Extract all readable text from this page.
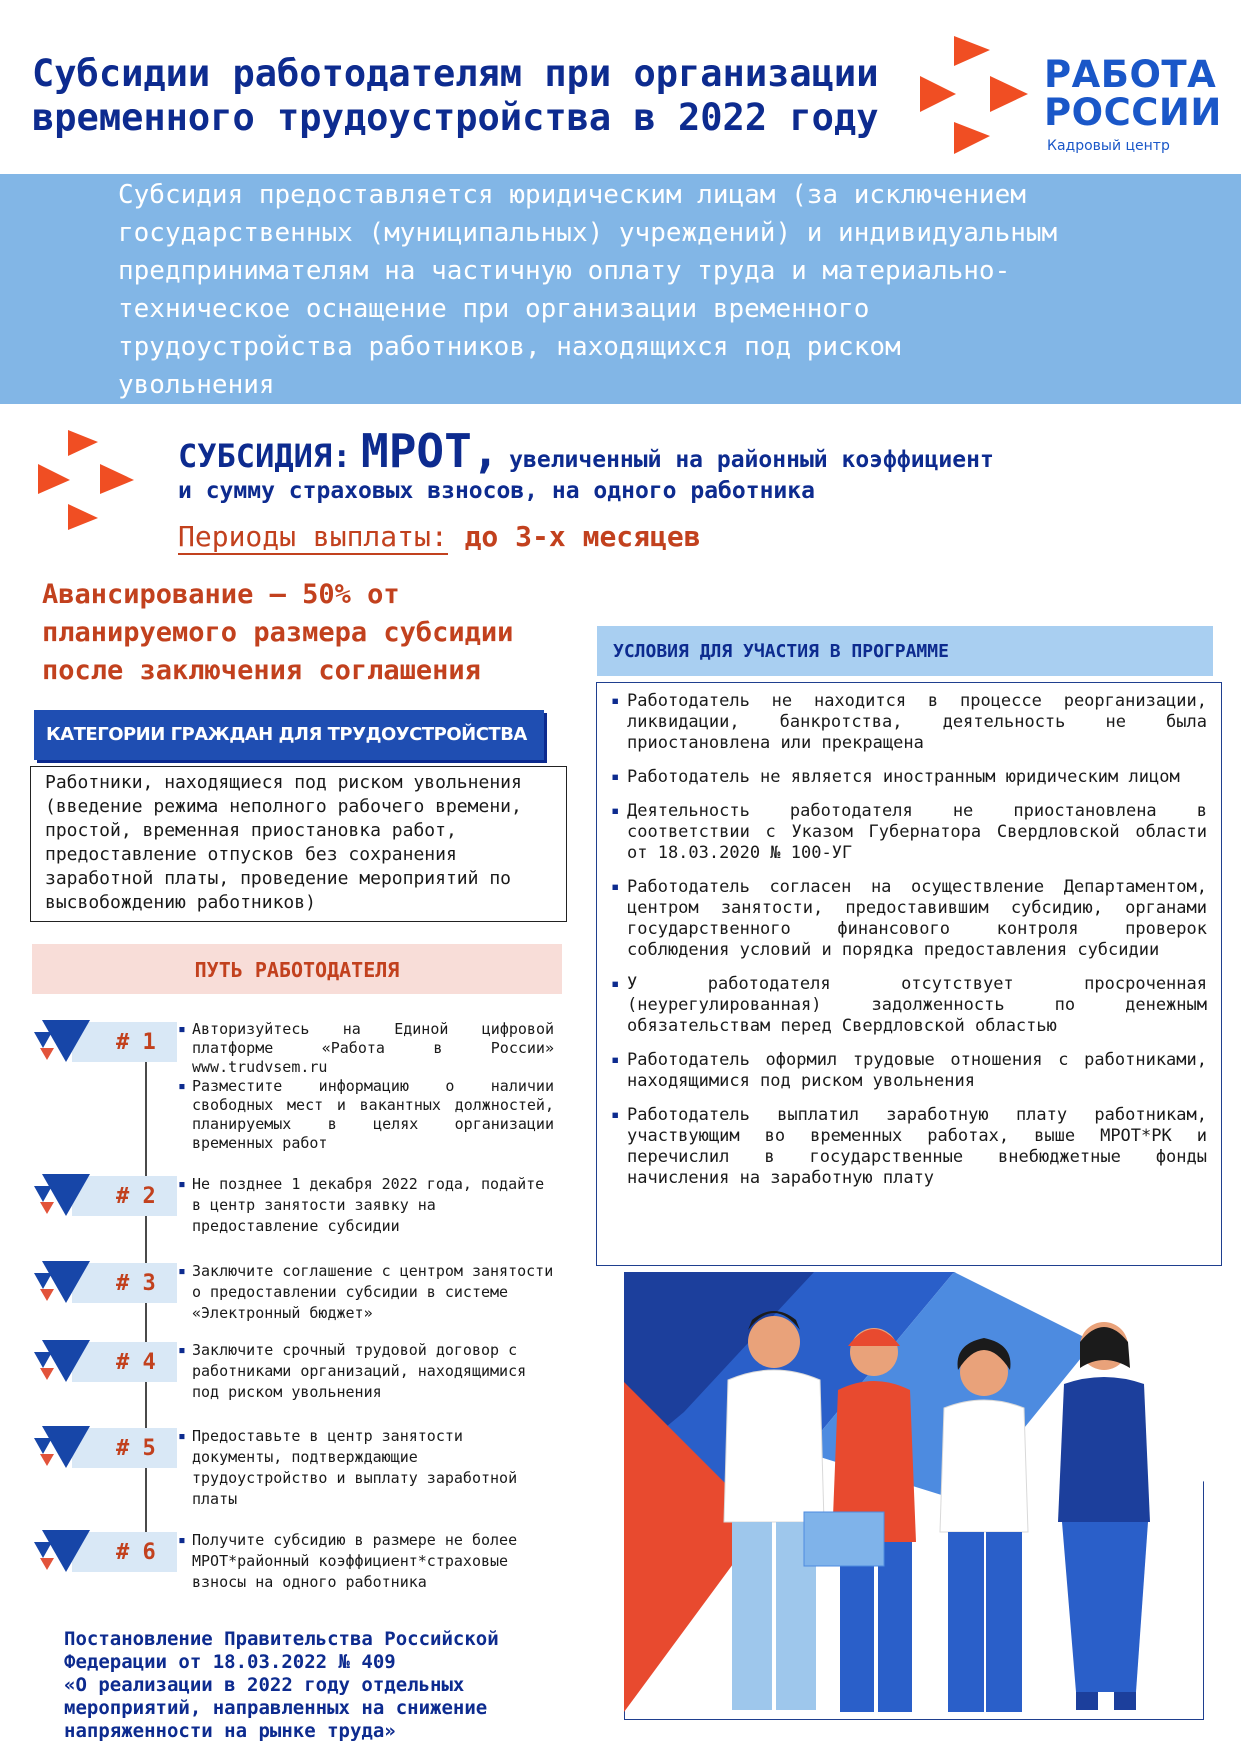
Субсидии работодателям при организации
временного трудоустройства в 2022 году
РАБОТА
РОССИИ
Кадровый центр
Субсидия предоставляется юридическим лицам (за исключением
государственных (муниципальных) учреждений) и индивидуальным
предпринимателям на частичную оплату труда и материально-
техническое оснащение при организации временного
трудоустройства работников, находящихся под риском
увольнения
СУБСИДИЯ: МРОТ, увеличенный на районный коэффициент
и сумму страховых взносов, на одного работника
Периоды выплаты: до 3-х месяцев
Авансирование – 50% от
планируемого размера субсидии
после заключения соглашения
КАТЕГОРИИ ГРАЖДАН ДЛЯ ТРУДОУСТРОЙСТВА
Работники, находящиеся под риском увольнения
(введение режима неполного рабочего времени,
простой, временная приостановка работ,
предоставление отпусков без сохранения
заработной платы, проведение мероприятий по
высвобождению работников)
ПУТЬ РАБОТОДАТЕЛЯ
# 1
▪ Авторизуйтесь на Единой цифровой платформе «Работа в России» www.trudvsem.ru
▪ Разместите информацию о наличии свободных мест и вакантных должностей, планируемых в целях организации временных работ
# 2	▪ Не позднее 1 декабря 2022 года, подайте в центр занятости заявку на предоставление субсидии
# 3	▪ Заключите соглашение с центром занятости о предоставлении субсидии в системе «Электронный бюджет»
# 4	▪ Заключите срочный трудовой договор с работниками организаций, находящимися под риском увольнения
# 5	▪ Предоставьте в центр занятости документы, подтверждающие трудоустройство и выплату заработной платы
# 6	▪ Получите субсидию в размере не более МРОТ*районный коэффициент*страховые взносы на одного работника
Постановление Правительства Российской
Федерации от 18.03.2022 № 409
«О реализации в 2022 году отдельных
мероприятий, направленных на снижение
напряженности на рынке труда»
УСЛОВИЯ ДЛЯ УЧАСТИЯ В ПРОГРАММЕ
▪ Работодатель не находится в процессе реорганизации, ликвидации, банкротства, деятельность не была приостановлена или прекращена
▪ Работодатель не является иностранным юридическим лицом
▪ Деятельность работодателя не приостановлена в соответствии с Указом Губернатора Свердловской области от 18.03.2020 № 100-УГ
▪ Работодатель согласен на осуществление Департаментом, центром занятости, предоставившим субсидию, органами государственного финансового контроля проверок соблюдения условий и порядка предоставления субсидии
▪ У работодателя отсутствует просроченная (неурегулированная) задолженность по денежным обязательствам перед Свердловской областью
▪ Работодатель оформил трудовые отношения с работниками, находящимися под риском увольнения
▪ Работодатель выплатил заработную плату работникам, участвующим во временных работах, выше МРОТ*РК и перечислил в государственные внебюджетные фонды начисления на заработную плату
